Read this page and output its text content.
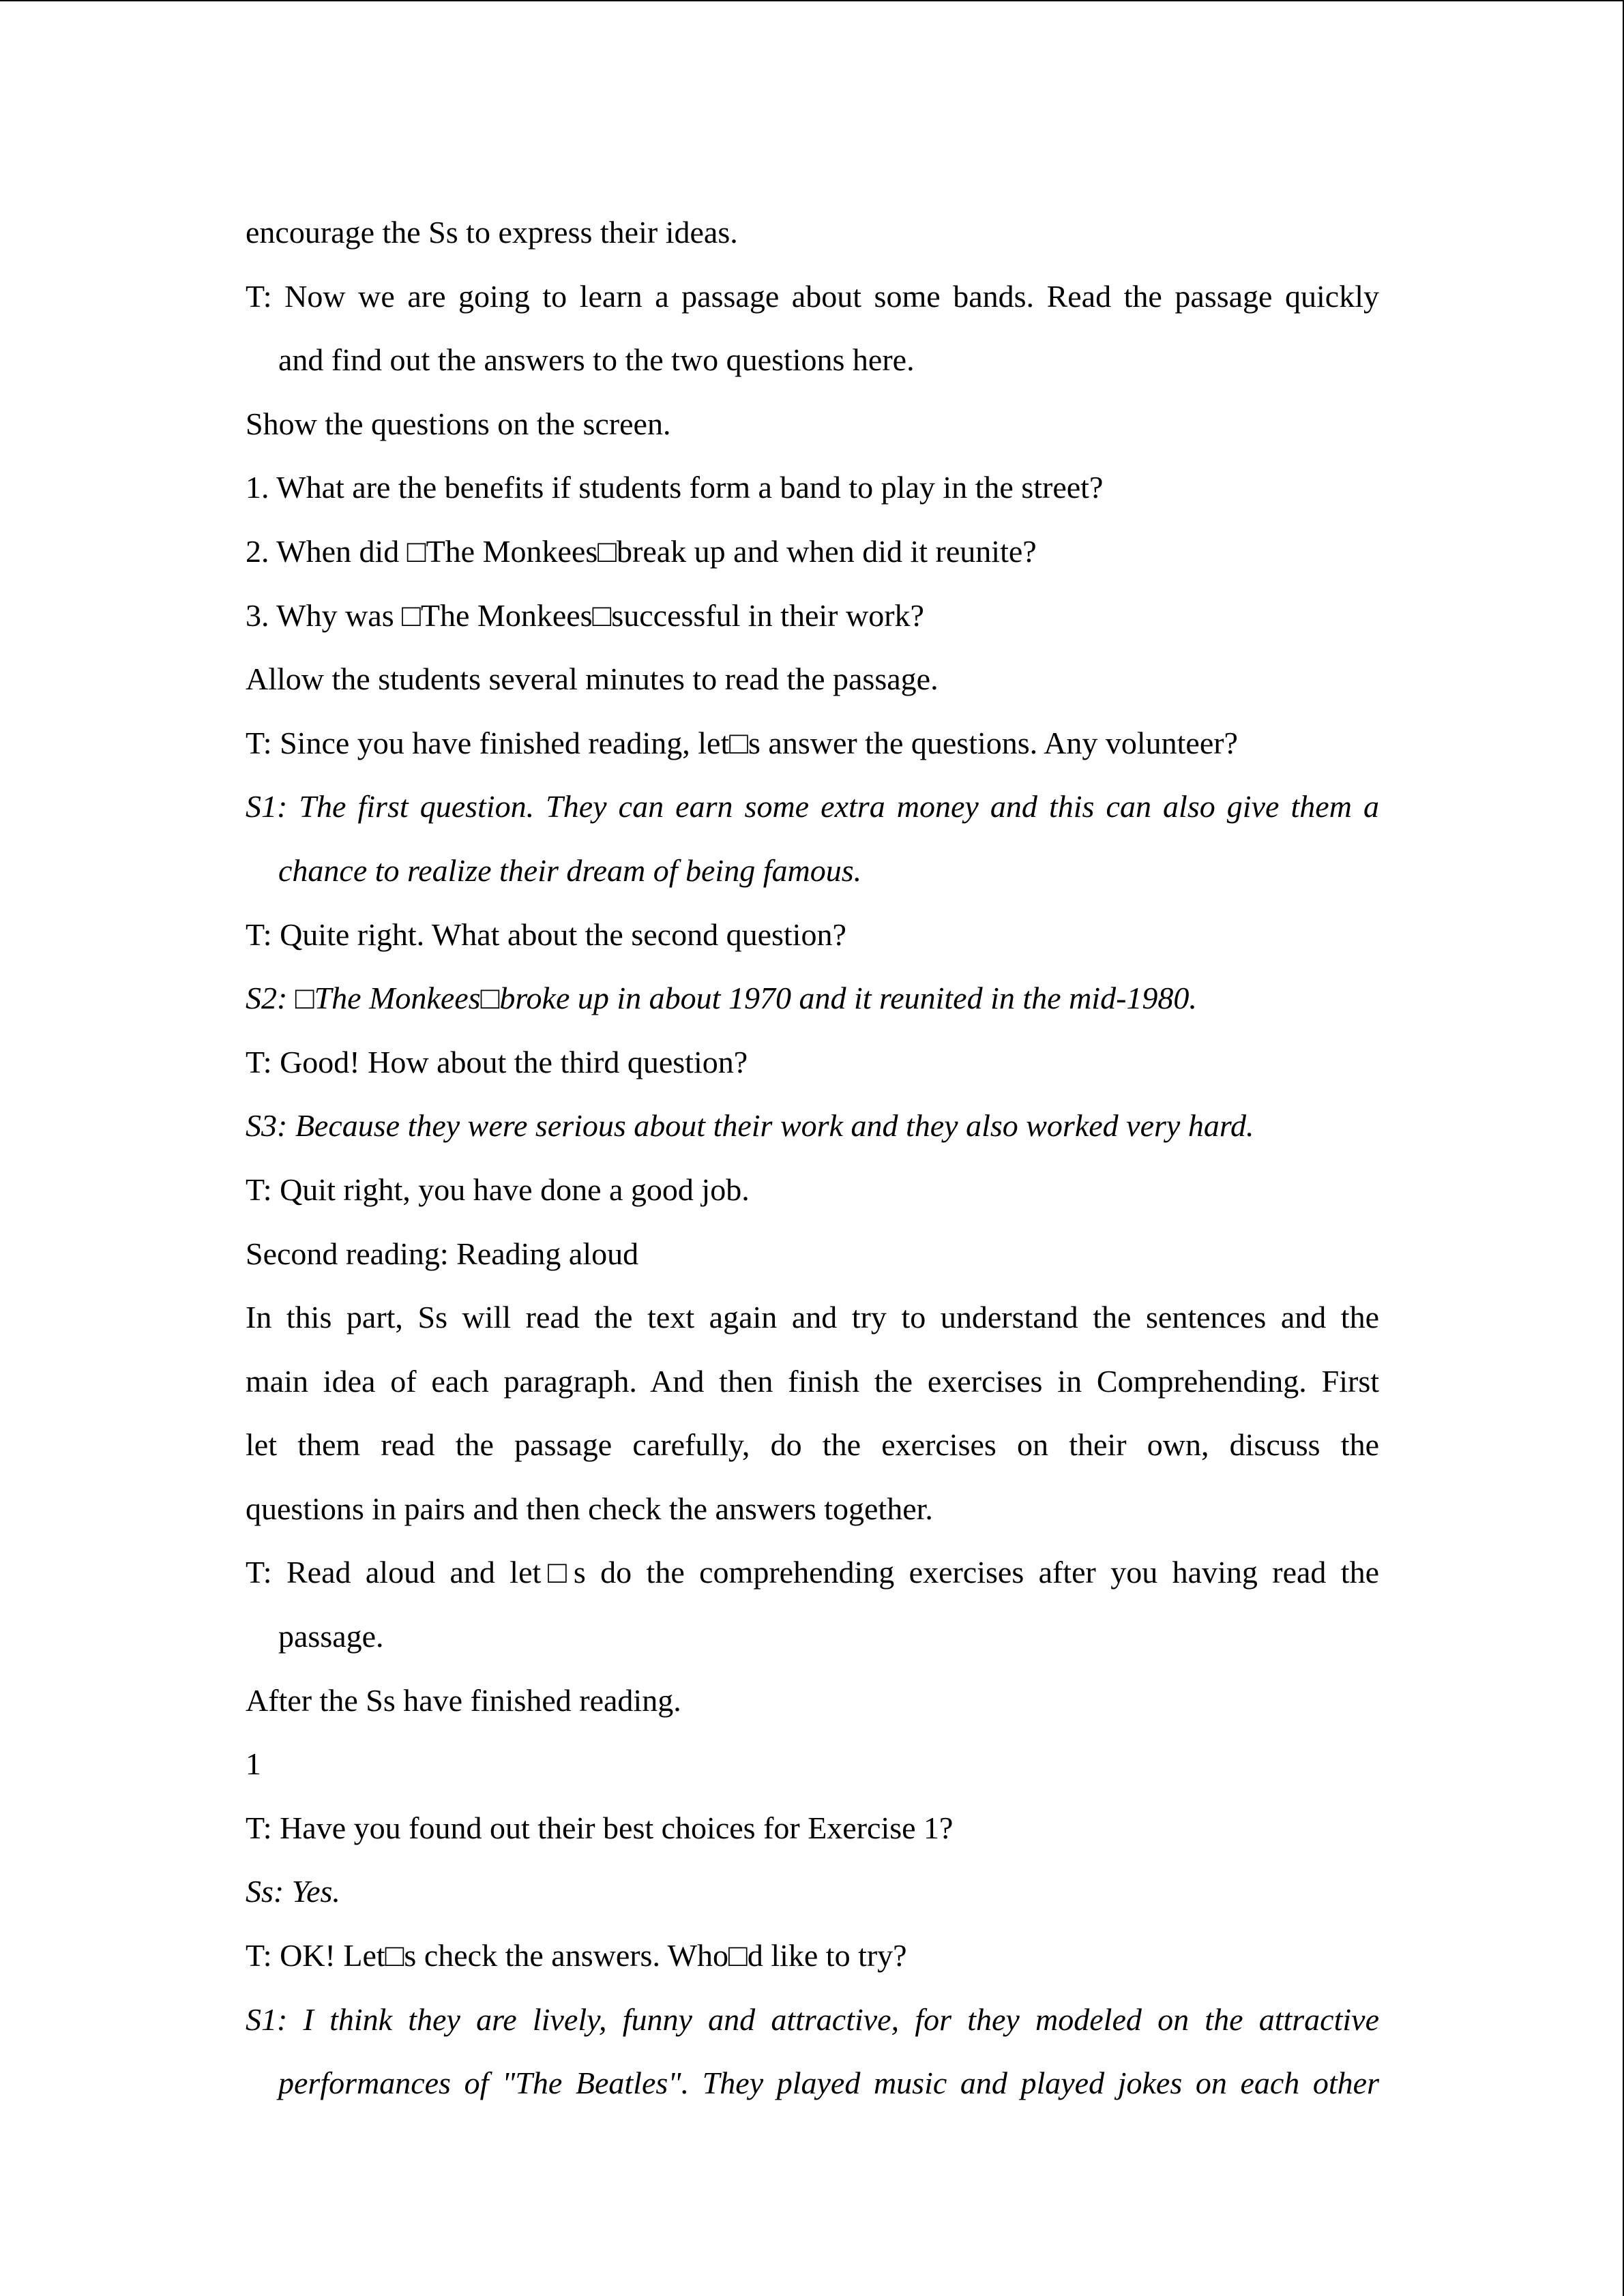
encourage the Ss to express their ideas.
T: Now we are going to learn a passage about some bands. Read the passage quickly
and find out the answers to the two questions here.
Show the questions on the screen.
1. What are the benefits if students form a band to play in the street?
2. When did □The Monkees□break up and when did it reunite?
3. Why was □The Monkees□successful in their work?
Allow the students several minutes to read the passage.
T: Since you have finished reading, let□s answer the questions. Any volunteer?
S1: The first question. They can earn some extra money and this can also give them a
chance to realize their dream of being famous.
T: Quite right. What about the second question?
S2: □The Monkees□broke up in about 1970 and it reunited in the mid-1980.
T: Good! How about the third question?
S3: Because they were serious about their work and they also worked very hard.
T: Quit right, you have done a good job.
Second reading: Reading aloud
In this part, Ss will read the text again and try to understand the sentences and the
main idea of each paragraph. And then finish the exercises in Comprehending. First
let them read the passage carefully, do the exercises on their own, discuss the
questions in pairs and then check the answers together.
T: Read aloud and let□s do the comprehending exercises after you having read the
passage.
After the Ss have finished reading.
1
T: Have you found out their best choices for Exercise 1?
Ss: Yes.
T: OK! Let□s check the answers. Who□d like to try?
S1: I think they are lively, funny and attractive, for they modeled on the attractive
performances of "The Beatles". They played music and played jokes on each other
